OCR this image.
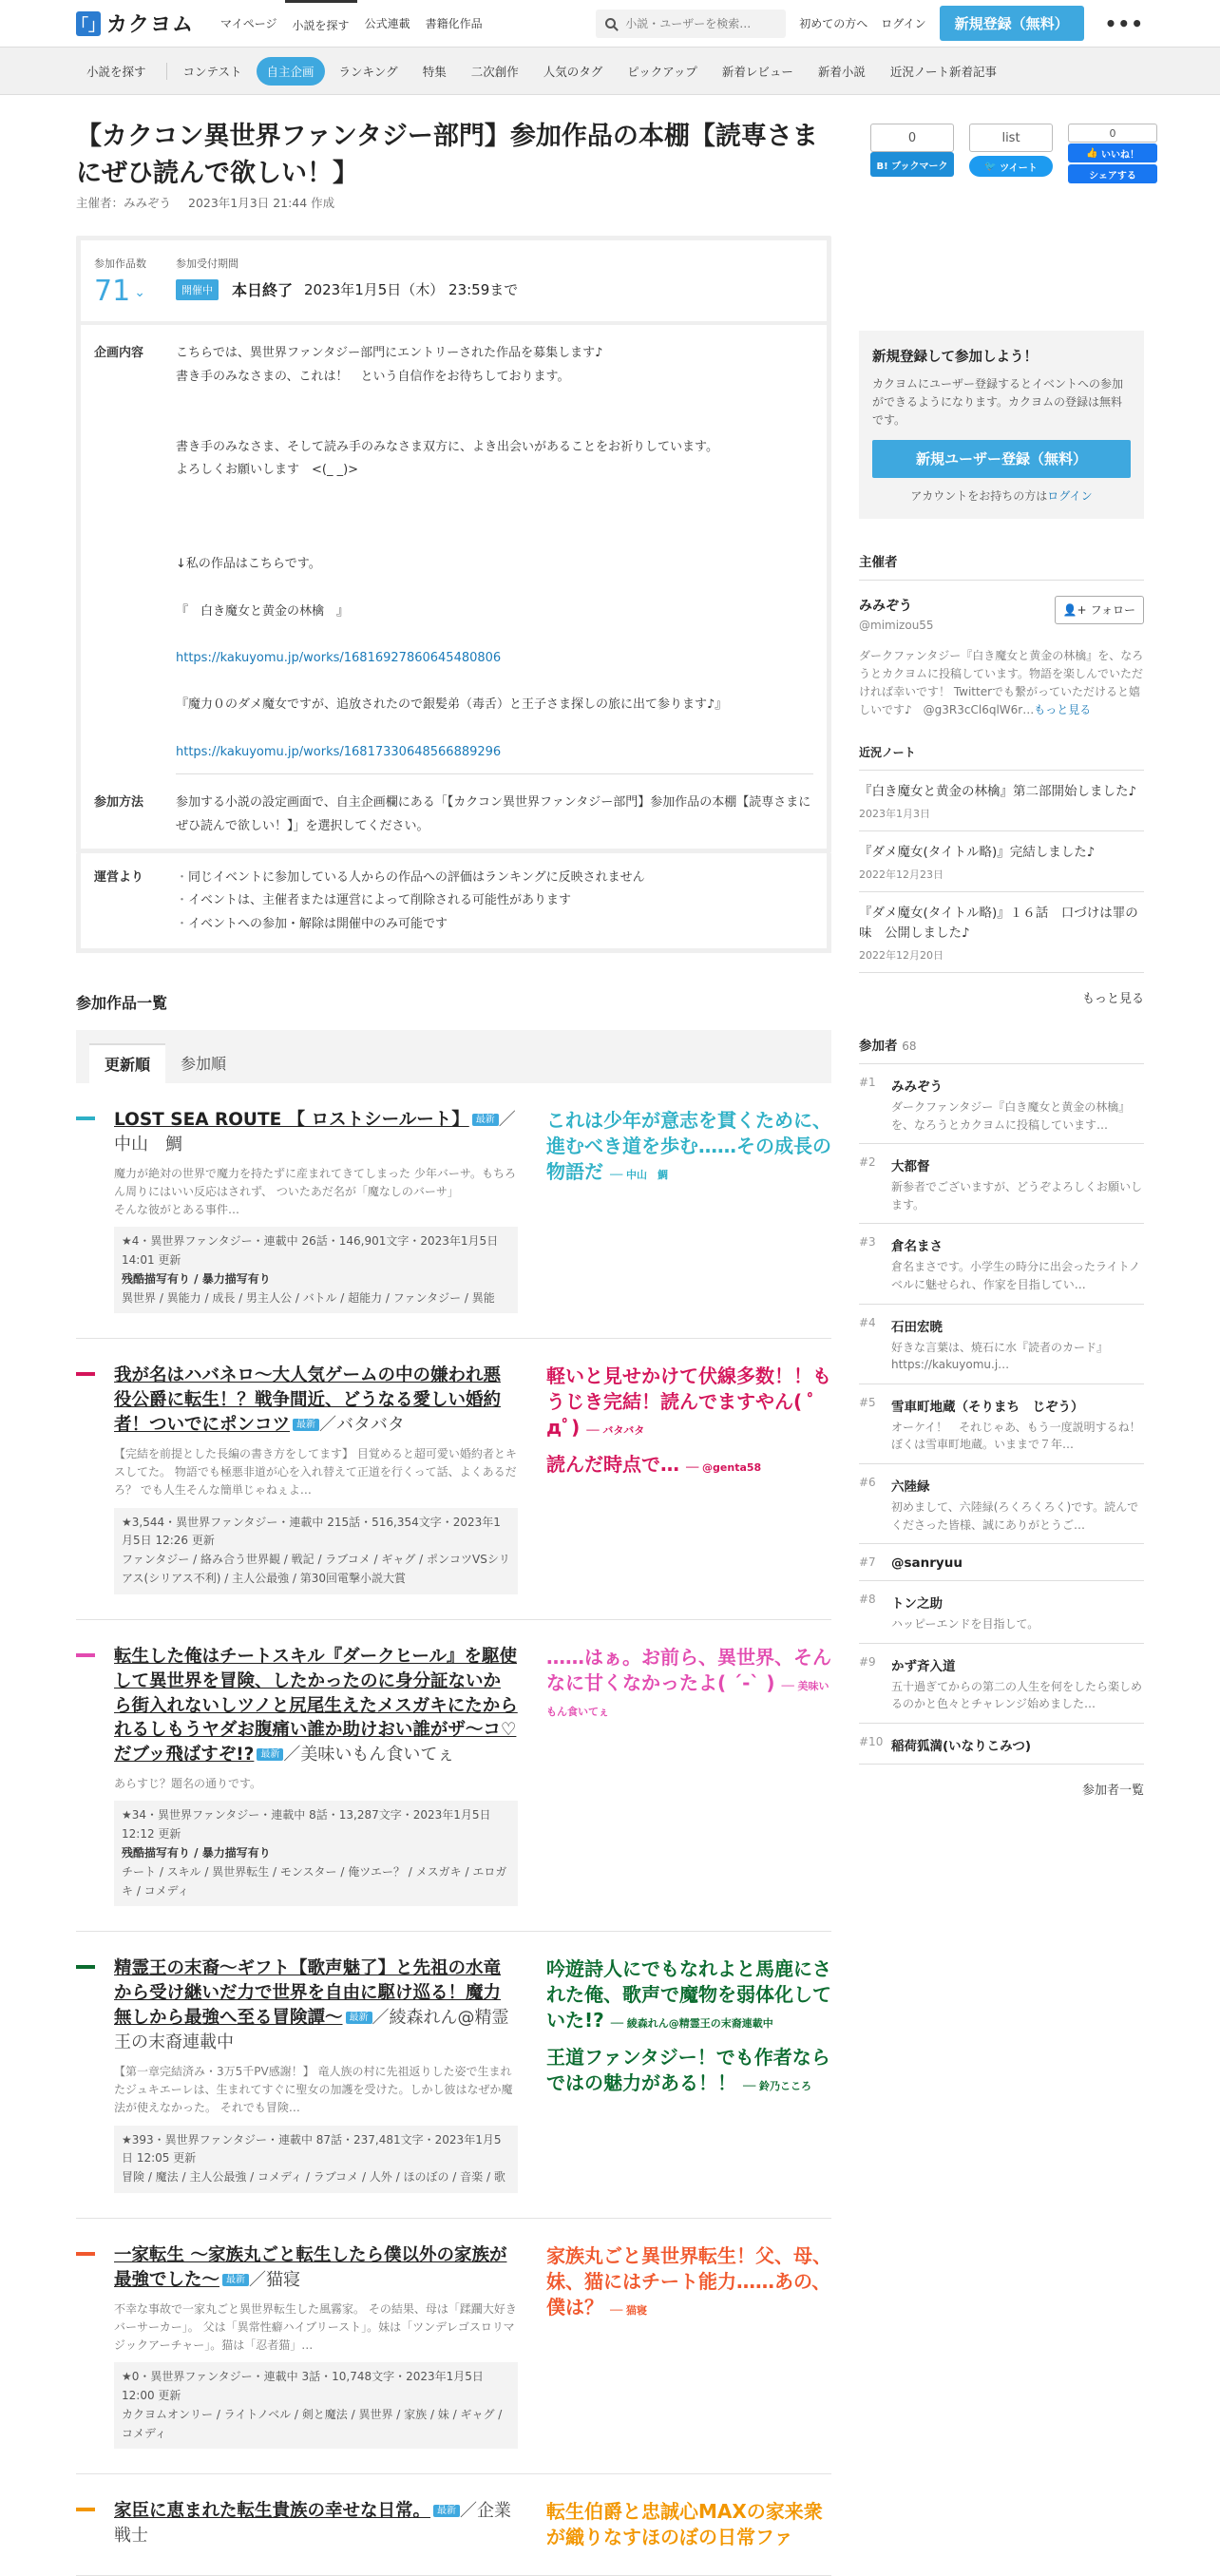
「」 カクヨム	マイページ	小説を探す	公式連載	書籍化作品
小説・ユーザーを検索…	初めての方へ ログイン	新規登録（無料）	•••
小説を探す	コンテスト	自主企画	ランキング	特集	二次創作	人気のタグ	ピックアップ	新着レビュー	新着小説	近況ノート新着記事
【カクコン異世界ファンタジー部門】参加作品の本棚【読専さまにぜひ読んで欲しい！】
主催者：みみぞう 2023年1月3日 21:44 作成
0
B! ブックマーク
list
🐦
ツイート
0
👍
いいね！
シェアする
参加作品数
71 ⌄
参加受付期間
開催中	本日終了 2023年1月5日（木） 23:59まで
企画内容	こちらでは、異世界ファンタジー部門にエントリーされた作品を募集します♪
書き手のみなさまの、これは！　という自信作をお待ちしております。
書き手のみなさま、そして読み手のみなさま双方に、よき出会いがあることをお祈りしています。
よろしくお願いします　<(_ _)>
↓私の作品はこちらです。
『　白き魔女と黄金の林檎　』
https://kakuyomu.jp/works/16816927860645480806
『魔力０のダメ魔女ですが、追放されたので銀髪弟（毒舌）と王子さま探しの旅に出て参ります♪』
https://kakuyomu.jp/works/16817330648566889296
参加方法	参加する小説の設定画面で、自主企画欄にある「【カクコン異世界ファンタジー部門】参加作品の本棚【読専さまにぜひ読んで欲しい！】」を選択してください。
運営より
・	同じイベントに参加している人からの作品への評価はランキングに反映されません
・ イベントは、主催者または運営によって削除される可能性があります
・ イベントへの参加・解除は開催中のみ可能です
参加作品一覧
更新順	参加順
LOST SEA ROUTE 【 ロストシールート】 最新 ／中山　鯛
魔力が絶対の世界で魔力を持たずに産まれてきてしまった 少年バーサ。もちろん周りにはいい反応はされず、 ついたあだ名が「魔なしのバーサ」　　　　　そんな彼がとある事件…
★4・異世界ファンタジー・連載中 26話・146,901文字・2023年1月5日 14:01 更新
残酷描写有り / 暴力描写有り
異世界 / 異能力 / 成長 / 男主人公 / バトル / 超能力 / ファンタジー / 異能
これは少年が意志を貫くために、進むべき道を歩む……その成長の物語だ ── 中山　鯛
我が名はハバネロ〜大人気ゲームの中の嫌われ悪役公爵に転生！？戦争間近、どうなる愛しい婚約者！ついでにポンコツ 最新 ／バタバタ
【完結を前提とした長編の書き方をしてます】 目覚めると超可愛い婚約者とキスしてた。 物語でも極悪非道が心を入れ替えて正道を行くって話、よくあるだろ？ でも人生そんな簡単じゃねぇよ…
★3,544・異世界ファンタジー・連載中 215話・516,354文字・2023年1月5日 12:26 更新
ファンタジー / 絡み合う世界観 / 戦記 / ラブコメ / ギャグ / ポンコツVSシリアス(シリアス不利) / 主人公最強 / 第30回電撃小説大賞
軽いと見せかけて伏線多数！！もうじき完結！読んでますやん( ﾟдﾟ) ── バタバタ
読んだ時点で… ── @genta58
転生した俺はチートスキル『ダークヒール』を駆使して異世界を冒険、したかったのに身分証ないから街入れないしツノと尻尾生えたメスガキにたかられるしもうヤダお腹痛い誰か助けおい誰がザ〜コ♡だブッ飛ばすぞ!? 最新 ／美味いもん食いてぇ
あらすじ？題名の通りです。
★34・異世界ファンタジー・連載中 8話・13,287文字・2023年1月5日 12:12 更新
残酷描写有り / 暴力描写有り
チート / スキル / 異世界転生 / モンスター / 俺ツエー？ / メスガキ / エロガキ / コメディ
……はぁ。お前ら、異世界、そんなに甘くなかったよ( ´-` ) ── 美味いもん食いてぇ
精霊王の末裔～ギフト【歌声魅了】と先祖の水竜から受け継いだ力で世界を自由に駆け巡る！魔力無しから最強へ至る冒険譚～ 最新 ／綾森れん@精霊王の末裔連載中
【第一章完結済み・3万5千PV感謝！】 竜人族の村に先祖返りした姿で生まれたジュキエーレは、生まれてすぐに聖女の加護を受けた。しかし彼はなぜか魔法が使えなかった。 それでも冒険…
★393・異世界ファンタジー・連載中 87話・237,481文字・2023年1月5日 12:05 更新
冒険 / 魔法 / 主人公最強 / コメディ / ラブコメ / 人外 / ほのぼの / 音楽 / 歌
吟遊詩人にでもなれよと馬鹿にされた俺、歌声で魔物を弱体化していた!? ── 綾森れん@精霊王の末裔連載中
王道ファンタジー！でも作者ならではの魅力がある！！ ── 鈴乃こころ
一家転生 ～家族丸ごと転生したら僕以外の家族が最強でした～ 最新 ／猫寝
不幸な事故で一家丸ごと異世界転生した風霧家。 その結果、母は「蹂躙大好きバーサーカー」。 父は「異常性癖ハイブリースト」。妹は「ツンデレゴスロリマジックアーチャー」。猫は「忍者猫」…
★0・異世界ファンタジー・連載中 3話・10,748文字・2023年1月5日 12:00 更新
カクヨムオンリー / ライトノベル / 剣と魔法 / 異世界 / 家族 / 妹 / ギャグ / コメディ
家族丸ごと異世界転生！父、母、妹、猫にはチート能力……あの、僕は？ ── 猫寝
家臣に恵まれた転生貴族の幸せな日常。 最新 ／企業戦士
転生伯爵と忠誠心MAXの家来衆が織りなすほのぼの日常ファ
新規登録して参加しよう！
カクヨムにユーザー登録するとイベントへの参加ができるようになります。カクヨムの登録は無料です。
新規ユーザー登録（無料）
アカウントをお持ちの方はログイン
主催者
みみぞう
@mimizou55
👤+ フォロー
ダークファンタジー『白き魔女と黄金の林檎』を、なろうとカクヨムに投稿しています。物語を楽しんでいただければ幸いです！ Twitterでも繋がっていただけると嬉しいです♪　@g3R3cCl6qlW6r…もっと見る
近況ノート
『白き魔女と黄金の林檎』第二部開始しました♪
2023年1月3日
『ダメ魔女(タイトル略)』完結しました♪
2022年12月23日
『ダメ魔女(タイトル略)』１６話　口づけは罪の味　公開しました♪
2022年12月20日
もっと見る
参加者 68
#1	みみぞう
ダークファンタジー『白き魔女と黄金の林檎』を、なろうとカクヨムに投稿しています…
#2	大都督
新参者でございますが、どうぞよろしくお願いします。
#3	倉名まさ
倉名まさです。小学生の時分に出会ったライトノベルに魅せられ、作家を目指してい…
#4	石田宏暁
好きな言葉は、焼石に水『読者のカード』 https://kakuyomu.j…
#5	雪車町地蔵（そりまち　じぞう）
オーケイ！　それじゃあ、もう一度説明するね！ぼくは雪車町地蔵。いままで７年…
#6	六陸緑
初めまして、六陸緑(ろくろくろく)です。読んでくださった皆様、誠にありがとうご…
#7	@sanryuu
#8	トン之助
ハッピーエンドを目指して。
#9	かず斉入道
五十過ぎてからの第二の人生を何をしたら楽しめるのかと色々とチャレンジ始めました…
#10 稲荷狐満(いなりこみつ)
参加者一覧
